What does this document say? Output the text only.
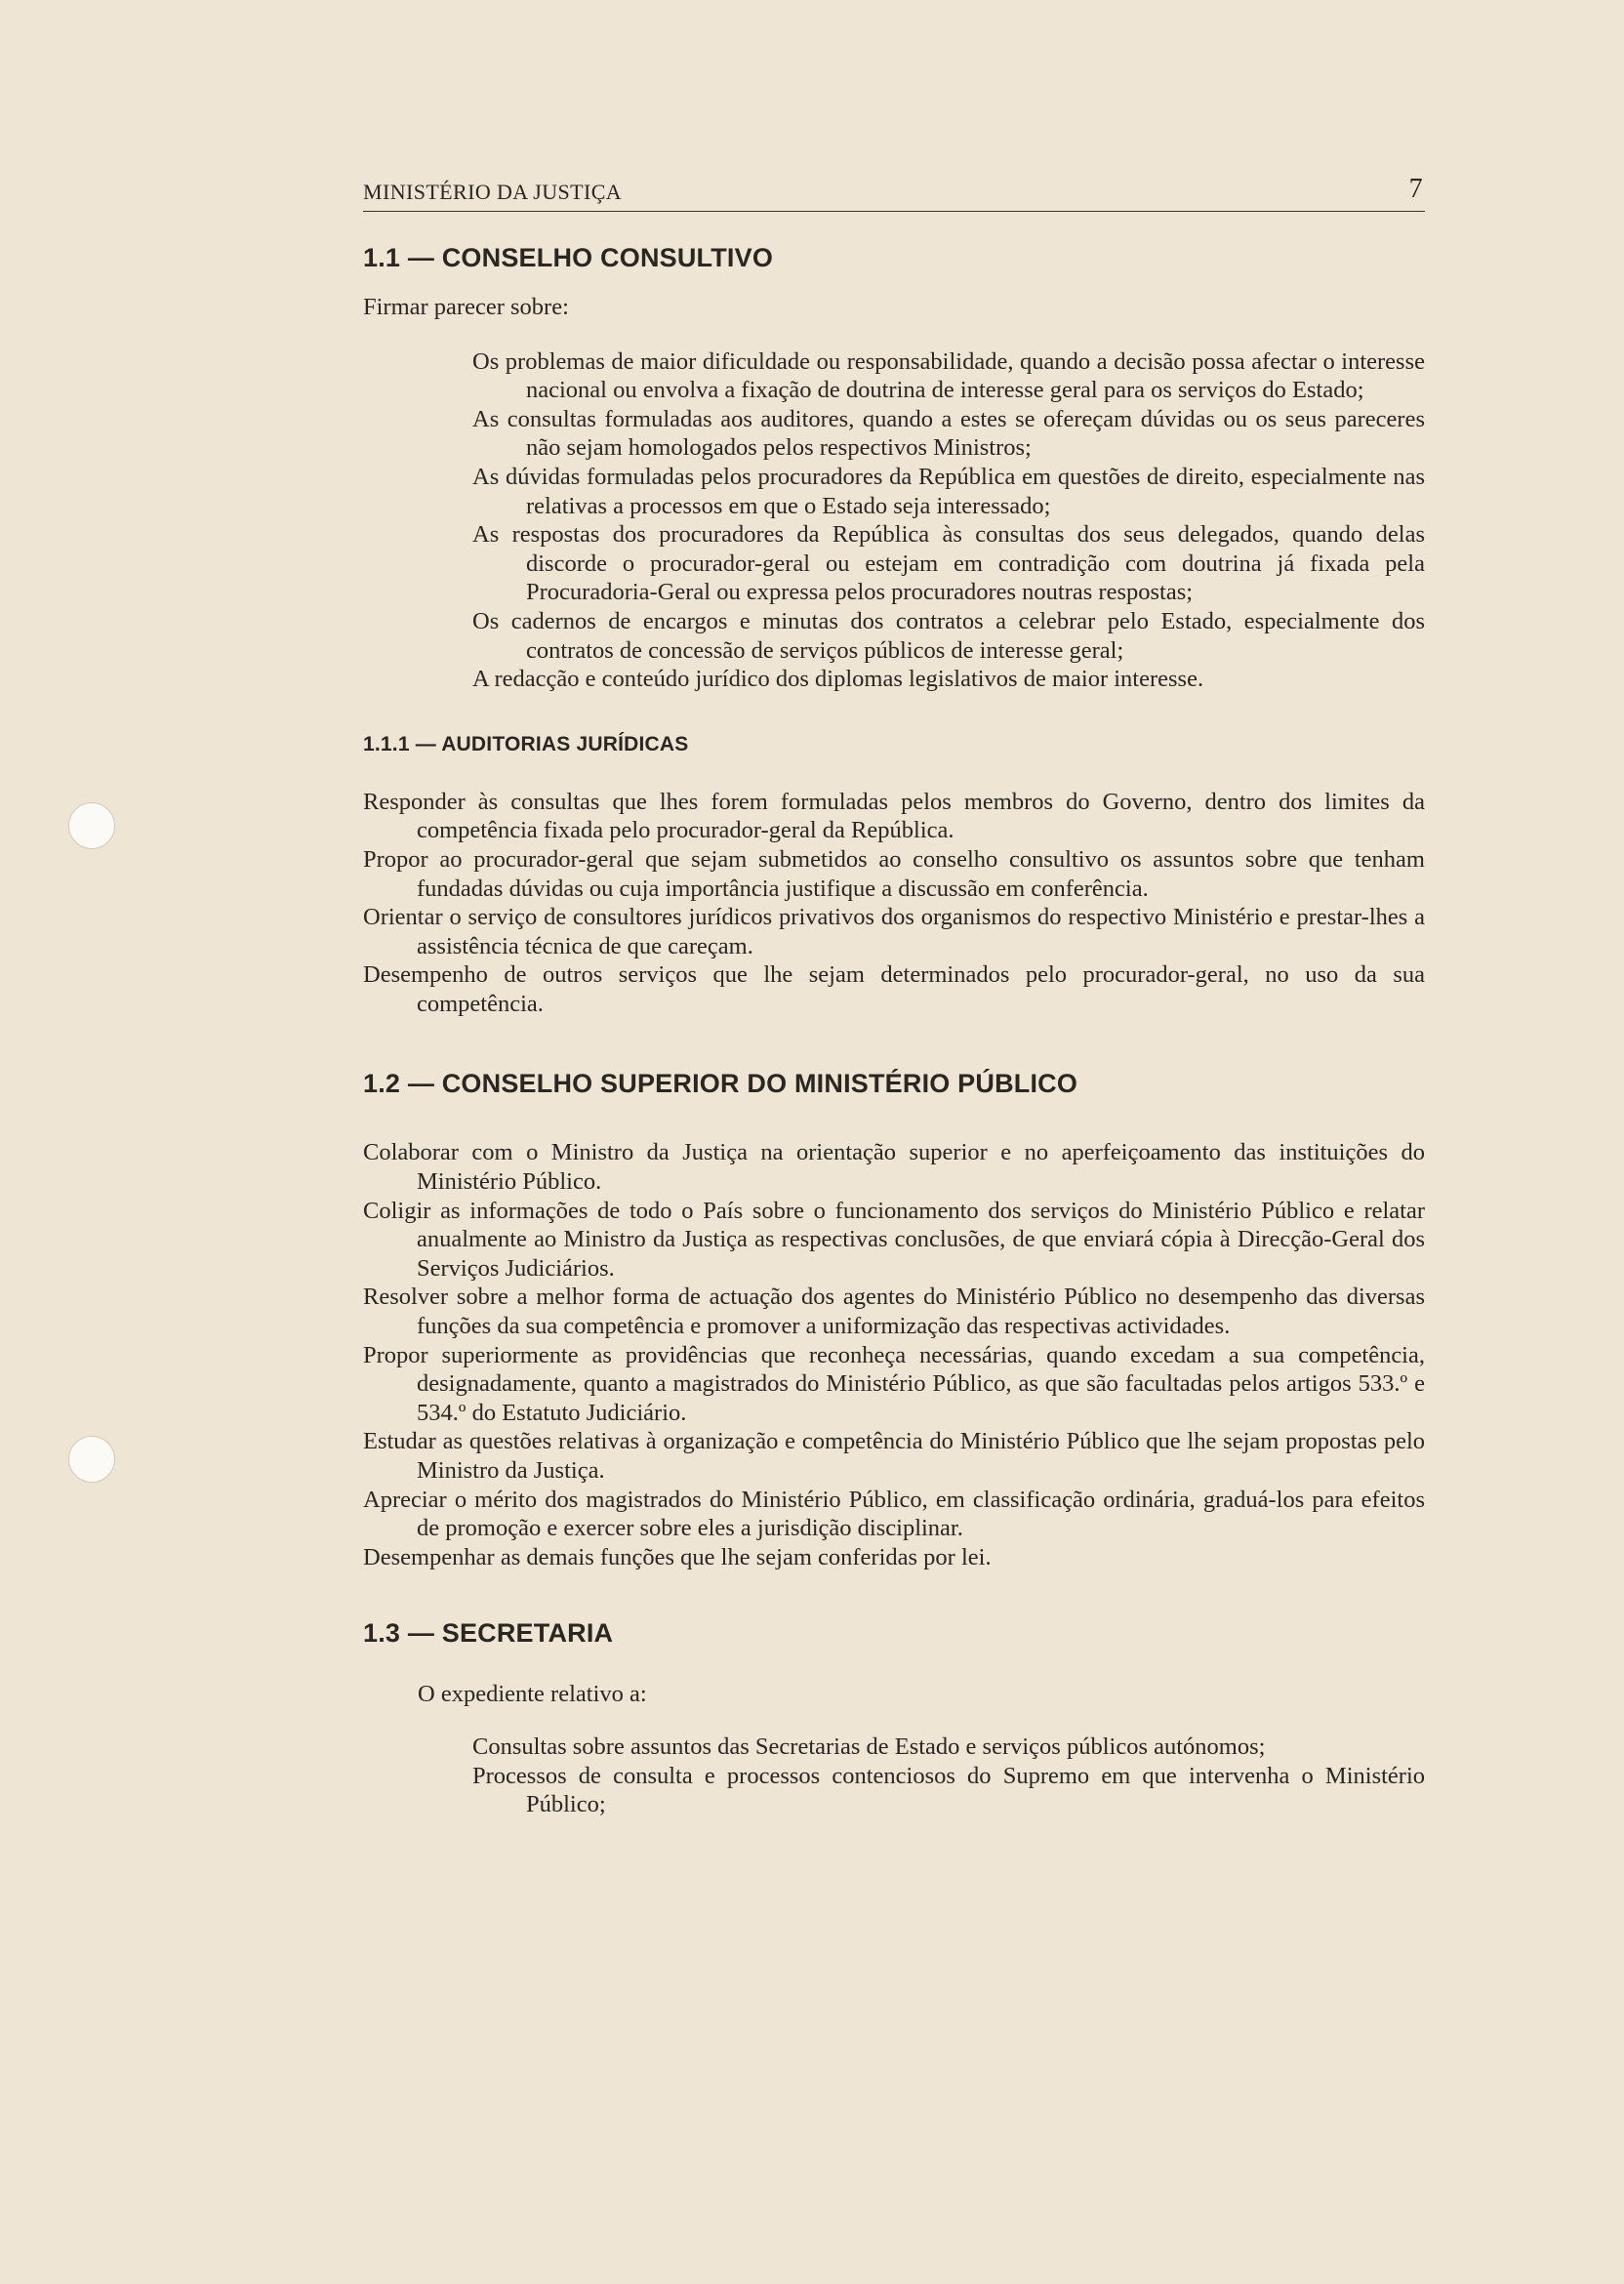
MINISTÉRIO DA JUSTIÇA	7
1.1 — CONSELHO CONSULTIVO

Firmar parecer sobre:

Os problemas de maior dificuldade ou responsabilidade, quando a decisão possa afectar o interesse nacional ou envolva a fixação de doutrina de interesse geral para os serviços do Estado;

As consultas formuladas aos auditores, quando a estes se ofereçam dúvidas ou os seus pareceres não sejam homologados pelos respectivos Ministros;

As dúvidas formuladas pelos procuradores da República em questões de direito, especialmente nas relativas a processos em que o Estado seja interessado;

As respostas dos procuradores da República às consultas dos seus delegados, quando delas discorde o procurador-geral ou estejam em contradição com doutrina já fixada pela Procuradoria-Geral ou expressa pelos procuradores noutras respostas;

Os cadernos de encargos e minutas dos contratos a celebrar pelo Estado, especialmente dos contratos de concessão de serviços públicos de interesse geral;

A redacção e conteúdo jurídico dos diplomas legislativos de maior interesse.

1.1.1 — AUDITORIAS JURÍDICAS

Responder às consultas que lhes forem formuladas pelos membros do Governo, dentro dos limites da competência fixada pelo procurador-geral da República.

Propor ao procurador-geral que sejam submetidos ao conselho consultivo os assuntos sobre que tenham fundadas dúvidas ou cuja importância justifique a discussão em conferência.

Orientar o serviço de consultores jurídicos privativos dos organismos do respectivo Ministério e prestar-lhes a assistência técnica de que careçam.

Desempenho de outros serviços que lhe sejam determinados pelo procurador-geral, no uso da sua competência.

1.2 — CONSELHO SUPERIOR DO MINISTÉRIO PÚBLICO

Colaborar com o Ministro da Justiça na orientação superior e no aperfeiçoamento das instituições do Ministério Público.

Coligir as informações de todo o País sobre o funcionamento dos serviços do Ministério Público e relatar anualmente ao Ministro da Justiça as respectivas conclusões, de que enviará cópia à Direcção-Geral dos Serviços Judiciários.

Resolver sobre a melhor forma de actuação dos agentes do Ministério Público no desempenho das diversas funções da sua competência e promover a uniformização das respectivas actividades.

Propor superiormente as providências que reconheça necessárias, quando excedam a sua competência, designadamente, quanto a magistrados do Ministério Público, as que são facultadas pelos artigos 533.º e 534.º do Estatuto Judiciário.

Estudar as questões relativas à organização e competência do Ministério Público que lhe sejam propostas pelo Ministro da Justiça.

Apreciar o mérito dos magistrados do Ministério Público, em classificação ordinária, graduá-los para efeitos de promoção e exercer sobre eles a jurisdição disciplinar.

Desempenhar as demais funções que lhe sejam conferidas por lei.

1.3 — SECRETARIA

O expediente relativo a:

Consultas sobre assuntos das Secretarias de Estado e serviços públicos autónomos;

Processos de consulta e processos contenciosos do Supremo em que intervenha o Ministério Público;
